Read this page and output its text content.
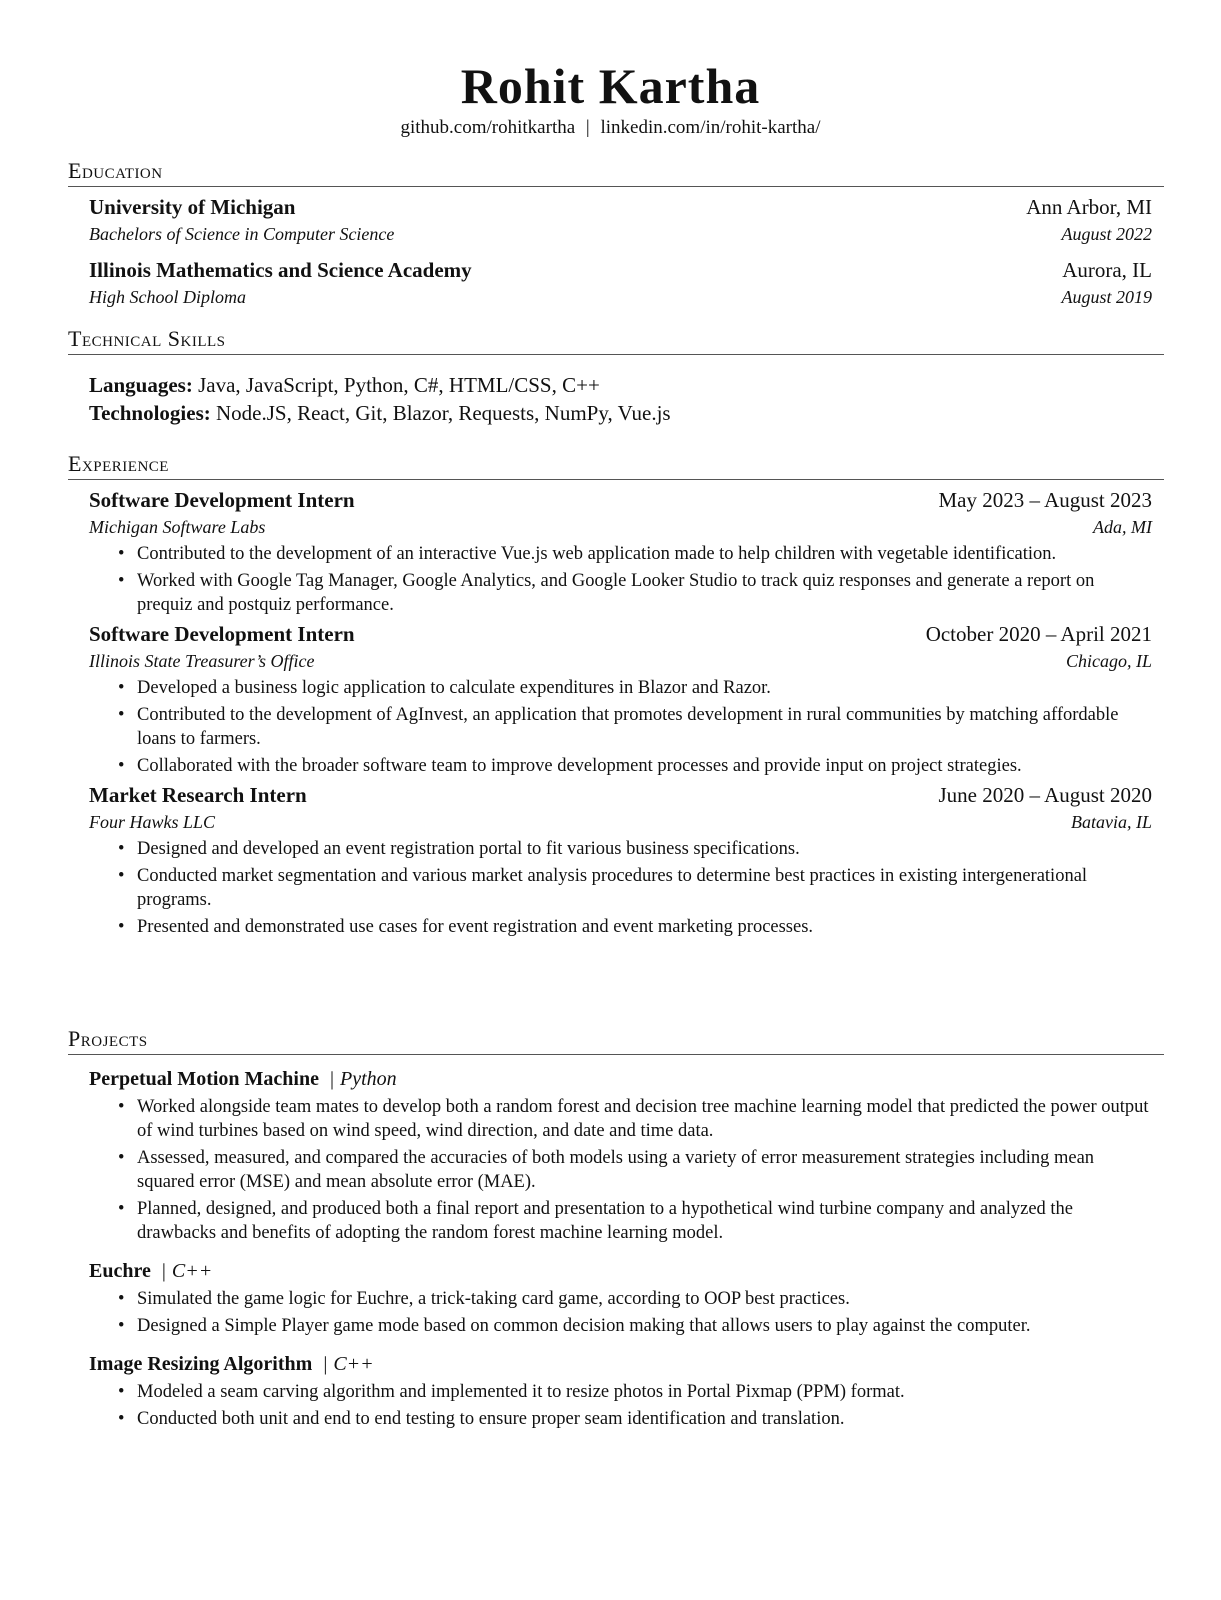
Rohit Kartha
github.com/rohitkartha | linkedin.com/in/rohit-kartha/
Education
University of Michigan	Ann Arbor, MI
Bachelors of Science in Computer Science	August 2022
Illinois Mathematics and Science Academy	Aurora, IL
High School Diploma	August 2019
Technical Skills
Languages: Java, JavaScript, Python, C#, HTML/CSS, C++
Technologies: Node.JS, React, Git, Blazor, Requests, NumPy, Vue.js
Experience
Software Development Intern	May 2023 – August 2023
Michigan Software Labs	Ada, MI
• Contributed to the development of an interactive Vue.js web application made to help children with vegetable identification.
• Worked with Google Tag Manager, Google Analytics, and Google Looker Studio to track quiz responses and generate a report on prequiz and postquiz performance.
Software Development Intern	October 2020 – April 2021
Illinois State Treasurer’s Office	Chicago, IL
• Developed a business logic application to calculate expenditures in Blazor and Razor.
• Contributed to the development of AgInvest, an application that promotes development in rural communities by matching affordable loans to farmers.
• Collaborated with the broader software team to improve development processes and provide input on project strategies.
Market Research Intern	June 2020 – August 2020
Four Hawks LLC	Batavia, IL
• Designed and developed an event registration portal to fit various business specifications.
• Conducted market segmentation and various market analysis procedures to determine best practices in existing intergenerational programs.
• Presented and demonstrated use cases for event registration and event marketing processes.
Projects
Perpetual Motion Machine | Python
• Worked alongside team mates to develop both a random forest and decision tree machine learning model that predicted the power output of wind turbines based on wind speed, wind direction, and date and time data.
• Assessed, measured, and compared the accuracies of both models using a variety of error measurement strategies including mean squared error (MSE) and mean absolute error (MAE).
• Planned, designed, and produced both a final report and presentation to a hypothetical wind turbine company and analyzed the drawbacks and benefits of adopting the random forest machine learning model.
Euchre | C++
• Simulated the game logic for Euchre, a trick-taking card game, according to OOP best practices.
• Designed a Simple Player game mode based on common decision making that allows users to play against the computer.
Image Resizing Algorithm | C++
• Modeled a seam carving algorithm and implemented it to resize photos in Portal Pixmap (PPM) format.
• Conducted both unit and end to end testing to ensure proper seam identification and translation.
